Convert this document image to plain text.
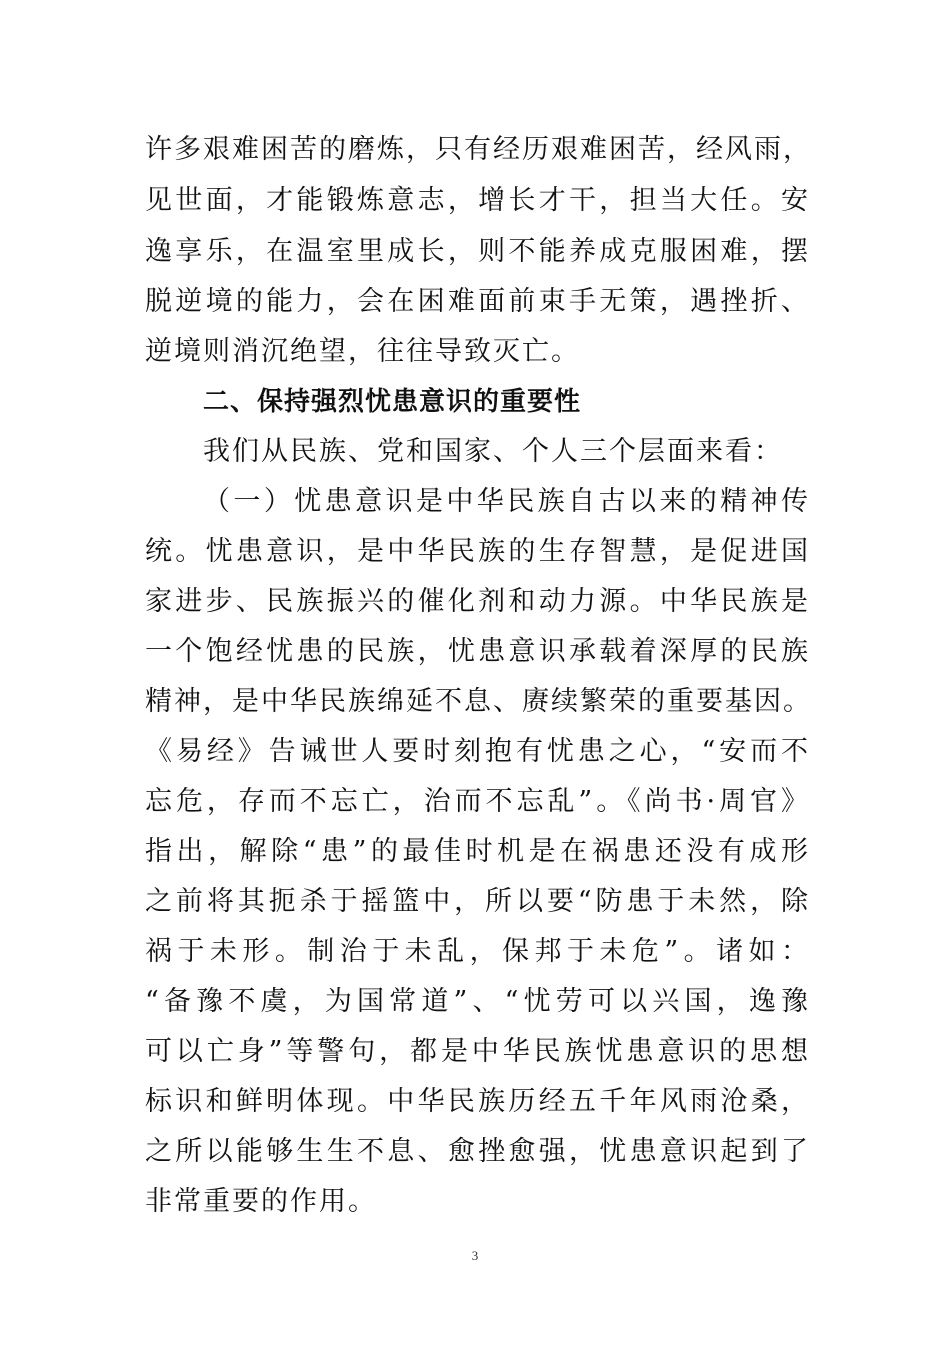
许多艰难困苦的磨炼，只有经历艰难困苦，经风雨，
见世面，才能锻炼意志，增长才干，担当大任。安
逸享乐，在温室里成长，则不能养成克服困难，摆
脱逆境的能力，会在困难面前束手无策，遇挫折、
逆境则消沉绝望，往往导致灭亡。
二、保持强烈忧患意识的重要性
我们从民族、党和国家、个人三个层面来看：
（一）忧患意识是中华民族自古以来的精神传
统。忧患意识，是中华民族的生存智慧，是促进国
家进步、民族振兴的催化剂和动力源。中华民族是
一个饱经忧患的民族，忧患意识承载着深厚的民族
精神，是中华民族绵延不息、赓续繁荣的重要基因。
《易经》告诫世人要时刻抱有忧患之心，“安而不
忘危，存而不忘亡，治而不忘乱”。《尚书·周官》
指出，解除“患”的最佳时机是在祸患还没有成形
之前将其扼杀于摇篮中，所以要“防患于未然，除
祸于未形。制治于未乱，保邦于未危”。诸如：
“备豫不虞，为国常道”、“忧劳可以兴国，逸豫
可以亡身”等警句，都是中华民族忧患意识的思想
标识和鲜明体现。中华民族历经五千年风雨沧桑，
之所以能够生生不息、愈挫愈强，忧患意识起到了
非常重要的作用。
3
